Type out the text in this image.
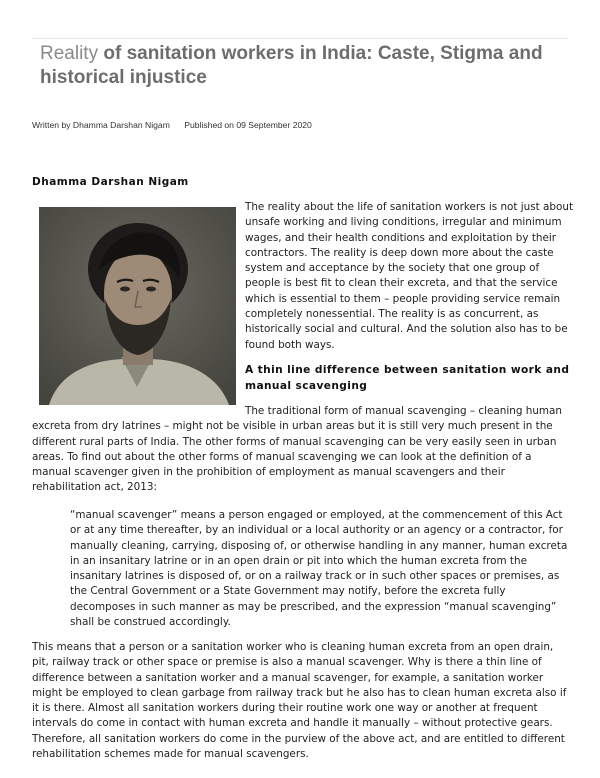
Reality of sanitation workers in India: Caste, Stigma and historical injustice
Written by Dhamma Darshan Nigam Published on 09 September 2020
Dhamma Darshan Nigam

The reality about the life of sanitation workers is not just about unsafe working and living conditions, irregular and minimum wages, and their health conditions and exploitation by their contractors. The reality is deep down more about the caste system and acceptance by the society that one group of people is best fit to clean their excreta, and that the service which is essential to them – people providing service remain completely nonessential. The reality is as concurrent, as historically social and cultural. And the solution also has to be found both ways.

A thin line difference between sanitation work and manual scavenging

The traditional form of manual scavenging – cleaning human excreta from dry latrines – might not be visible in urban areas but it is still very much present in the different rural parts of India. The other forms of manual scavenging can be very easily seen in urban areas. To find out about the other forms of manual scavenging we can look at the definition of a manual scavenger given in the prohibition of employment as manual scavengers and their rehabilitation act, 2013:

“manual scavenger” means a person engaged or employed, at the commencement of this Act or at any time thereafter, by an individual or a local authority or an agency or a contractor, for manually cleaning, carrying, disposing of, or otherwise handling in any manner, human excreta in an insanitary latrine or in an open drain or pit into which the human excreta from the insanitary latrines is disposed of, or on a railway track or in such other spaces or premises, as the Central Government or a State Government may notify, before the excreta fully decomposes in such manner as may be prescribed, and the expression “manual scavenging” shall be construed accordingly.

This means that a person or a sanitation worker who is cleaning human excreta from an open drain, pit, railway track or other space or premise is also a manual scavenger. Why is there a thin line of difference between a sanitation worker and a manual scavenger, for example, a sanitation worker might be employed to clean garbage from railway track but he also has to clean human excreta also if it is there. Almost all sanitation workers during their routine work one way or another at frequent intervals do come in contact with human excreta and handle it manually – without protective gears. Therefore, all sanitation workers do come in the purview of the above act, and are entitled to different rehabilitation schemes made for manual scavengers.
